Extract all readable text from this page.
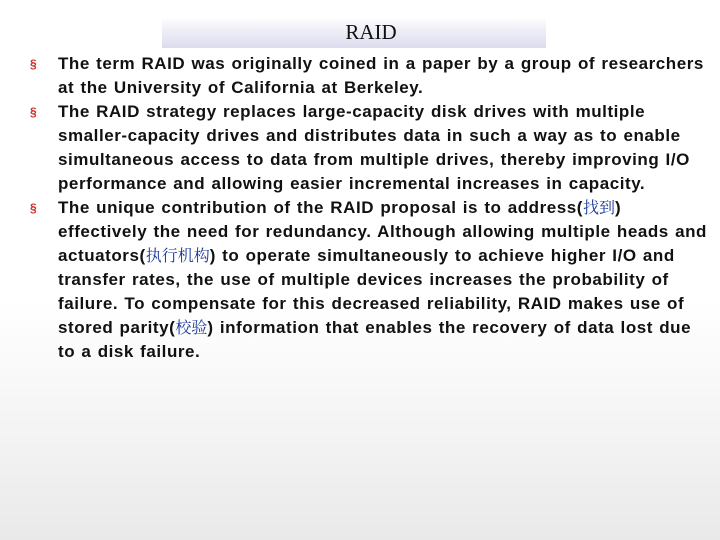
RAID
§ The term RAID was originally coined in a paper by a group of researchers at the University of California at Berkeley.
§ The RAID strategy replaces large-capacity disk drives with multiple smaller-capacity drives and distributes data in such a way as to enable simultaneous access to data from multiple drives, thereby improving I/O performance and allowing easier incremental increases in capacity.
§ The unique contribution of the RAID proposal is to address(找到) effectively the need for redundancy. Although allowing multiple heads and actuators(执行机构) to operate simultaneously to achieve higher I/O and transfer rates, the use of multiple devices increases the probability of failure. To compensate for this decreased reliability, RAID makes use of stored parity(校验) information that enables the recovery of data lost due to a disk failure.
